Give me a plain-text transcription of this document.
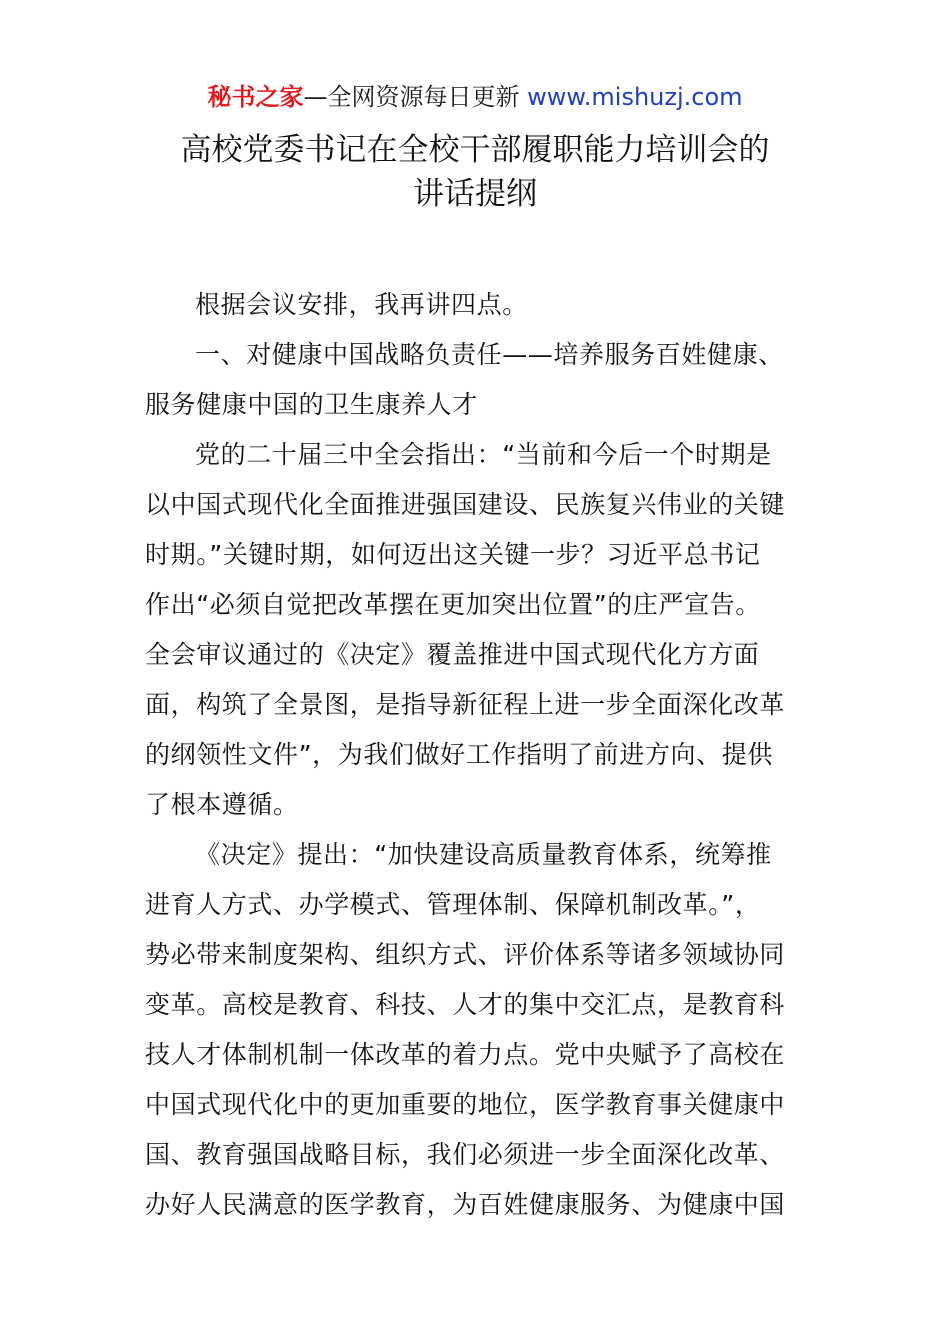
秘书之家—全网资源每日更新 www.mishuzj.com
高校党委书记在全校干部履职能力培训会的
讲话提纲

根据会议安排，我再讲四点。

一、对健康中国战略负责任——培养服务百姓健康、
服务健康中国的卫生康养人才

党的二十届三中全会指出：“当前和今后一个时期是
以中国式现代化全面推进强国建设、民族复兴伟业的关键
时期。”关键时期，如何迈出这关键一步？习近平总书记
作出“必须自觉把改革摆在更加突出位置”的庄严宣告。
全会审议通过的《决定》覆盖推进中国式现代化方方面
面，构筑了全景图，是指导新征程上进一步全面深化改革
的纲领性文件”，为我们做好工作指明了前进方向、提供
了根本遵循。

《决定》提出：“加快建设高质量教育体系，统筹推
进育人方式、办学模式、管理体制、保障机制改革。”，
势必带来制度架构、组织方式、评价体系等诸多领域协同
变革。高校是教育、科技、人才的集中交汇点，是教育科
技人才体制机制一体改革的着力点。党中央赋予了高校在
中国式现代化中的更加重要的地位，医学教育事关健康中
国、教育强国战略目标，我们必须进一步全面深化改革、
办好人民满意的医学教育，为百姓健康服务、为健康中国
